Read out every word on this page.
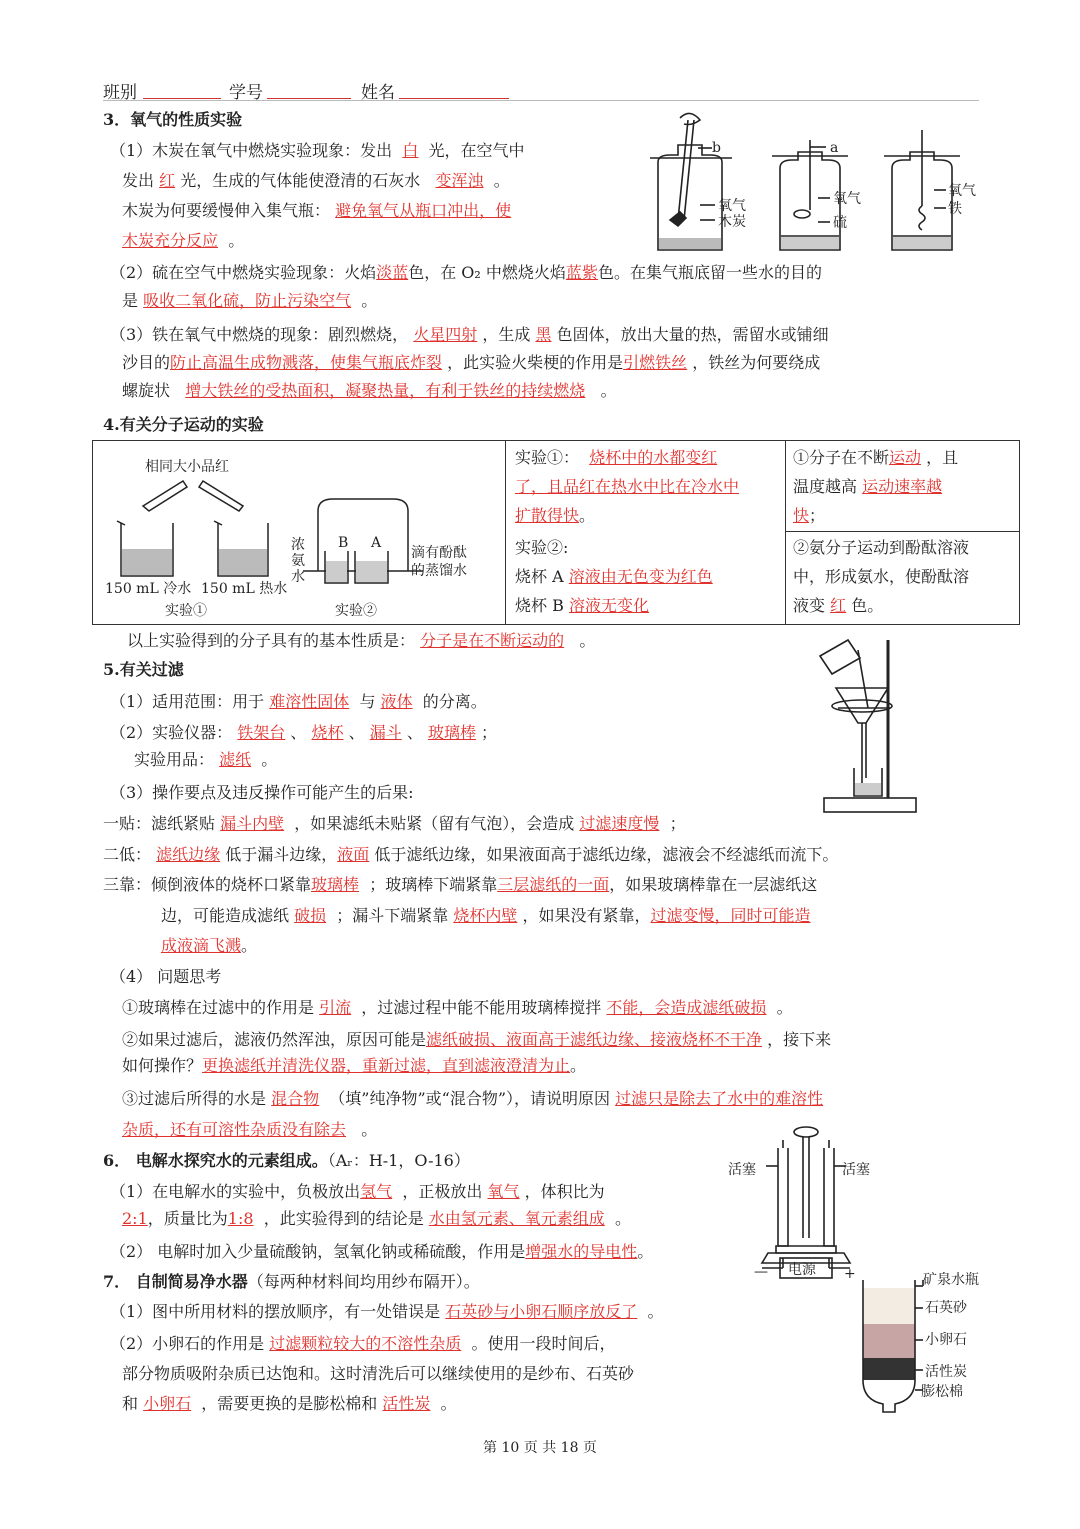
班别	学号	姓名
3．氧气的性质实验
（1）木炭在氧气中燃烧实验现象：发出 白 光，在空气中
发出 红 光，生成的气体能使澄清的石灰水 变浑浊 。
木炭为何要缓慢伸入集气瓶： 避免氧气从瓶口冲出，使
木炭充分反应 。
（2）硫在空气中燃烧实验现象：火焰淡蓝色，在 O₂ 中燃烧火焰蓝紫色。在集气瓶底留一些水的目的
是 吸收二氧化硫，防止污染空气 。
（3）铁在氧气中燃烧的现象：剧烈燃烧， 火星四射 ，生成 黑 色固体，放出大量的热，需留水或铺细
沙目的防止高温生成物溅落，使集气瓶底炸裂 ，此实验火柴梗的作用是引燃铁丝 ，铁丝为何要绕成
螺旋状 增大铁丝的受热面积，凝聚热量，有利于铁丝的持续燃烧 。
b	a
氧气
木炭
氧气
硫
氧气
铁
4.有关分子运动的实验
相同大小品红
150 mL 冷水 150 mL 热水
实验①
浓
氨
水
B A
滴有酚酞
的蒸馏水
实验②
实验①： 烧杯中的水都变红
了，且品红在热水中比在冷水中
扩散得快。
实验②:
烧杯 A 溶液由无色变为红色
烧杯 B 溶液无变化
①分子在不断运动 ，且
温度越高 运动速率越
快；
②氨分子运动到酚酞溶液
中，形成氨水，使酚酞溶
液变 红 色。
以上实验得到的分子具有的基本性质是： 分子是在不断运动的 。
5.有关过滤
（1）适用范围：用于 难溶性固体 与 液体 的分离。
（2）实验仪器： 铁架台 、 烧杯 、 漏斗 、 玻璃棒 ；
实验用品： 滤纸 。
（3）操作要点及违反操作可能产生的后果:
一贴：滤纸紧贴 漏斗内壁 ，如果滤纸未贴紧（留有气泡），会造成 过滤速度慢 ；
二低： 滤纸边缘 低于漏斗边缘，液面 低于滤纸边缘，如果液面高于滤纸边缘，滤液会不经滤纸而流下。
三靠：倾倒液体的烧杯口紧靠玻璃棒 ；玻璃棒下端紧靠三层滤纸的一面，如果玻璃棒靠在一层滤纸这
边，可能造成滤纸 破损 ；漏斗下端紧靠 烧杯内壁 ，如果没有紧靠，过滤变慢，同时可能造
成液滴飞溅。
（4） 问题思考
①玻璃棒在过滤中的作用是 引流 ，过滤过程中能不能用玻璃棒搅拌 不能，会造成滤纸破损 。
②如果过滤后，滤液仍然浑浊，原因可能是滤纸破损、液面高于滤纸边缘、接液烧杯不干净 ，接下来
如何操作？更换滤纸并清洗仪器，重新过滤，直到滤液澄清为止。
③过滤后所得的水是 混合物 （填”纯净物”或“混合物”），请说明原因 过滤只是除去了水中的难溶性
杂质，还有可溶性杂质没有除去 。
6． 电解水探究水的元素组成。（Aᵣ：H-1，O-16）
（1）在电解水的实验中，负极放出氢气 ，正极放出 氧气 ，体积比为
2:1，质量比为1:8 ，此实验得到的结论是 水由氢元素、氧元素组成 。
（2） 电解时加入少量硫酸钠，氢氧化钠或稀硫酸，作用是增强水的导电性。
活塞	活塞
电源
—	+
7． 自制简易净水器（每两种材料间均用纱布隔开）。
（1）图中所用材料的摆放顺序，有一处错误是 石英砂与小卵石顺序放反了 。
（2）小卵石的作用是 过滤颗粒较大的不溶性杂质 。使用一段时间后，
部分物质吸附杂质已达饱和。这时清洗后可以继续使用的是纱布、石英砂
和 小卵石 ，需要更换的是膨松棉和 活性炭 。
矿泉水瓶
石英砂
小卵石
活性炭
膨松棉
第 10 页 共 18 页
